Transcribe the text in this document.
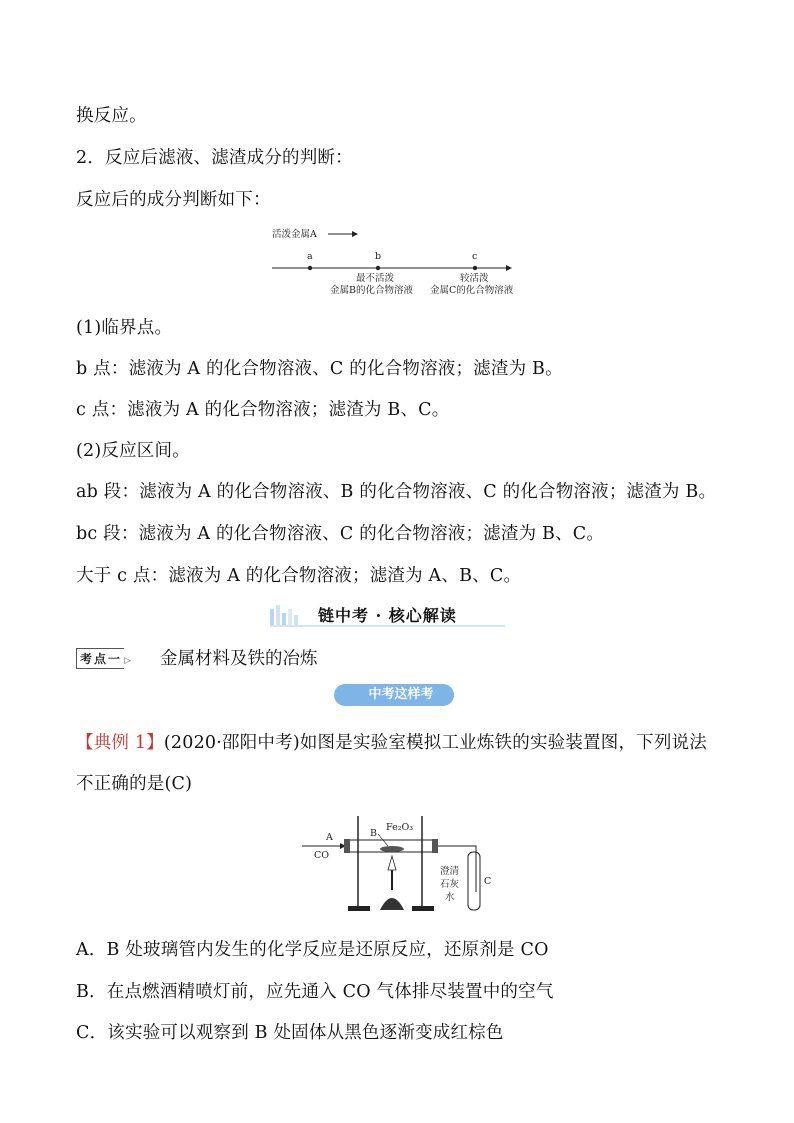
换反应。
2．反应后滤液、滤渣成分的判断：
反应后的成分判断如下：
活泼金属A
a	b	c
最不活泼
金属B的化合物溶液
较活泼
金属C的化合物溶液
(1)临界点。
b 点：滤液为 A 的化合物溶液、C 的化合物溶液；滤渣为 B。
c 点：滤液为 A 的化合物溶液；滤渣为 B、C。
(2)反应区间。
ab 段：滤液为 A 的化合物溶液、B 的化合物溶液、C 的化合物溶液；滤渣为 B。
bc 段：滤液为 A 的化合物溶液、C 的化合物溶液；滤渣为 B、C。
大于 c 点：滤液为 A 的化合物溶液；滤渣为 A、B、C。
链中考 · 核心解读
考点一 ▷ 金属材料及铁的冶炼
中考这样考
【典例 1】(2020·邵阳中考)如图是实验室模拟工业炼铁的实验装置图，下列说法
不正确的是(C)
A
CO
B
Fe₂O₃
澄清
石灰
水
C
A．B 处玻璃管内发生的化学反应是还原反应，还原剂是 CO
B．在点燃酒精喷灯前，应先通入 CO 气体排尽装置中的空气
C．该实验可以观察到 B 处固体从黑色逐渐变成红棕色
